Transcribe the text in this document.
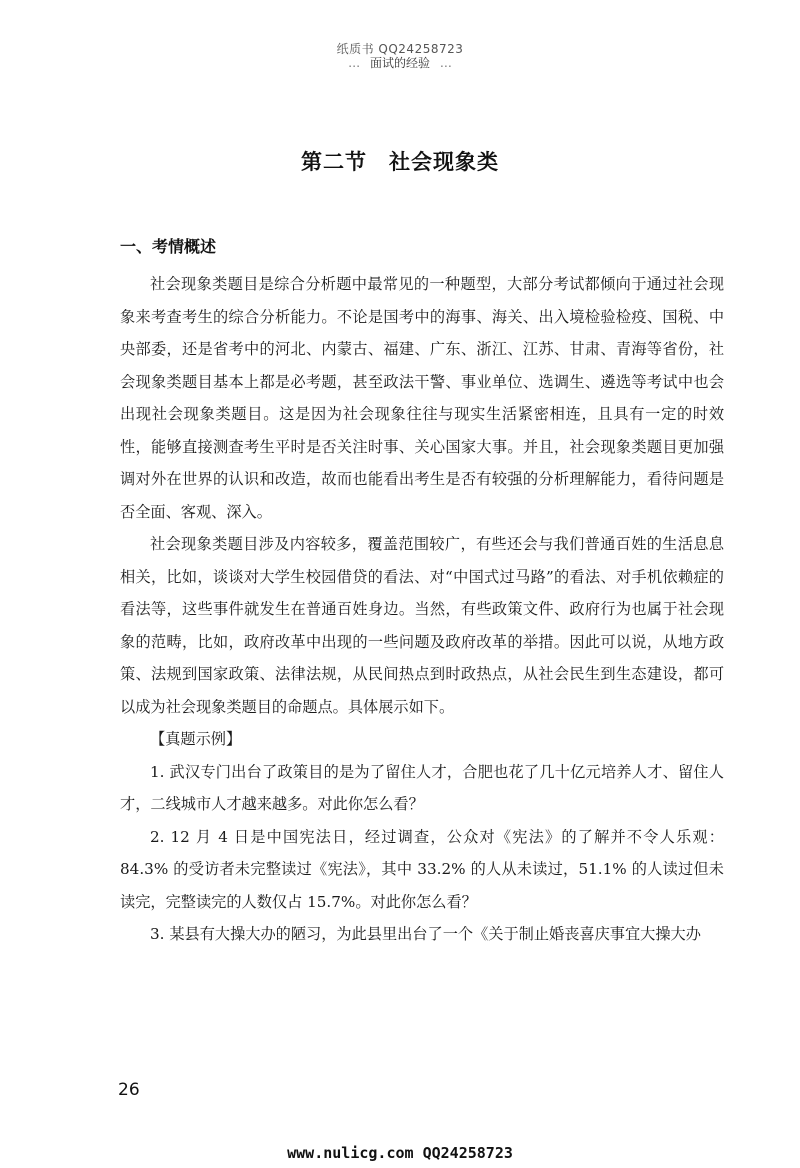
纸质书 QQ24258723
… 面试的经验 …
第二节 社会现象类
一、考情概述

社会现象类题目是综合分析题中最常见的一种题型，大部分考试都倾向于通过社会现象来考查考生的综合分析能力。不论是国考中的海事、海关、出入境检验检疫、国税、中央部委，还是省考中的河北、内蒙古、福建、广东、浙江、江苏、甘肃、青海等省份，社会现象类题目基本上都是必考题，甚至政法干警、事业单位、选调生、遴选等考试中也会出现社会现象类题目。这是因为社会现象往往与现实生活紧密相连，且具有一定的时效性，能够直接测查考生平时是否关注时事、关心国家大事。并且，社会现象类题目更加强调对外在世界的认识和改造，故而也能看出考生是否有较强的分析理解能力，看待问题是否全面、客观、深入。

社会现象类题目涉及内容较多，覆盖范围较广，有些还会与我们普通百姓的生活息息相关，比如，谈谈对大学生校园借贷的看法、对“中国式过马路”的看法、对手机依赖症的看法等，这些事件就发生在普通百姓身边。当然，有些政策文件、政府行为也属于社会现象的范畴，比如，政府改革中出现的一些问题及政府改革的举措。因此可以说，从地方政策、法规到国家政策、法律法规，从民间热点到时政热点，从社会民生到生态建设，都可以成为社会现象类题目的命题点。具体展示如下。

【真题示例】

1. 武汉专门出台了政策目的是为了留住人才，合肥也花了几十亿元培养人才、留住人才，二线城市人才越来越多。对此你怎么看？

2. 12 月 4 日是中国宪法日，经过调查，公众对《宪法》的了解并不令人乐观：84.3% 的受访者未完整读过《宪法》，其中 33.2% 的人从未读过，51.1% 的人读过但未读完，完整读完的人数仅占 15.7%。对此你怎么看？

3. 某县有大操大办的陋习，为此县里出台了一个《关于制止婚丧喜庆事宜大操大办

26
www.nulicg.com QQ24258723
